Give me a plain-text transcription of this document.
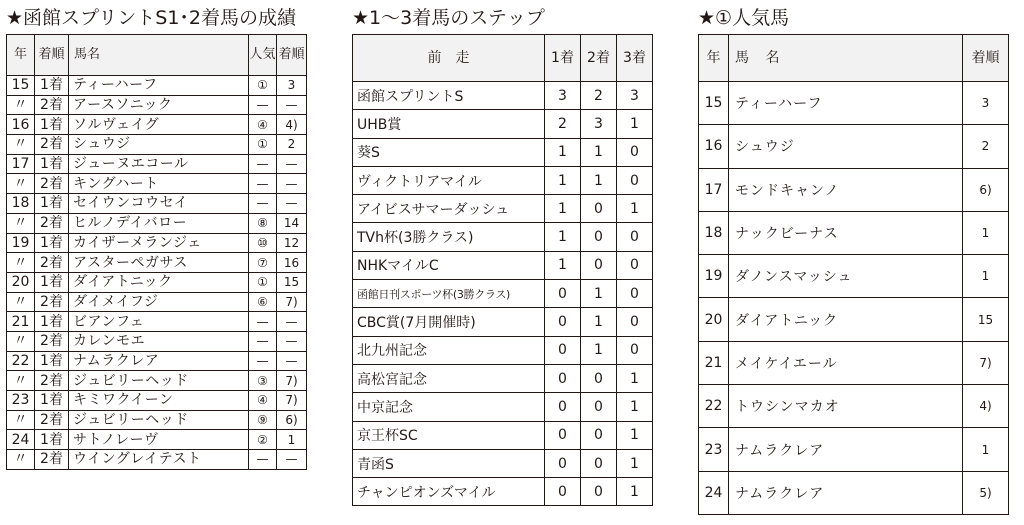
★函館スプリントS1･2着馬の成績	★1〜3着馬のステップ	★①人気馬
年	着順	馬名	人気	着順
15	1着	ティーハーフ	①	3
〃	2着	アースソニック	—	—
16	1着	ソルヴェイグ	④	4)
〃	2着	シュウジ	①	2
17	1着	ジューヌエコール	—	—
〃	2着	キングハート	—	—
18	1着	セイウンコウセイ	—	—
〃	2着	ヒルノデイバロー	⑧	14
19	1着	カイザーメランジェ	⑩	12
〃	2着	アスターペガサス	⑦	16
20	1着	ダイアトニック	①	15
〃	2着	ダイメイフジ	⑥	7)
21	1着	ビアンフェ	—	—
〃	2着	カレンモエ	—	—
22	1着	ナムラクレア	—	—
〃	2着	ジュビリーヘッド	③	7)
23	1着	キミワクイーン	④	7)
〃	2着	ジュビリーヘッド	⑨	6)
24	1着	サトノレーヴ	②	1
〃	2着	ウイングレイテスト	—	—
前　走	1着	2着	3着
函館スプリントS	3	2	3
UHB賞	2	3	1
葵S	1	1	0
ヴィクトリアマイル	1	1	0
アイビスサマーダッシュ	1	0	1
TVh杯(3勝クラス)	1	0	0
NHKマイルC	1	0	0
函館日刊スポーツ杯(3勝クラス)	0	1	0
CBC賞(7月開催時)	0	1	0
北九州記念	0	1	0
高松宮記念	0	0	1
中京記念	0	0	1
京王杯SC	0	0	1
青函S	0	0	1
チャンピオンズマイル	0	0	1
年	馬 名	着順
15	ティーハーフ	3
16	シュウジ	2
17	モンドキャンノ	6)
18	ナックビーナス	1
19	ダノンスマッシュ	1
20	ダイアトニック	15
21	メイケイエール	7)
22	トウシンマカオ	4)
23	ナムラクレア	1
24	ナムラクレア	5)
